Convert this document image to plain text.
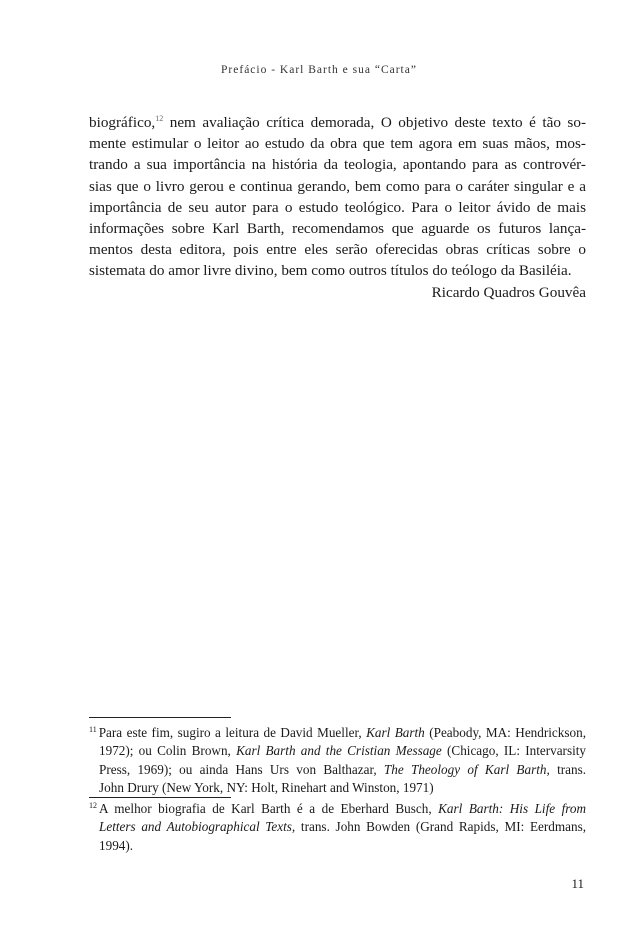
Prefácio - Karl Barth e sua “Carta”
biográfico,$^{12}$ nem avaliação crítica demorada, O objetivo deste texto é tão so-
mente estimular o leitor ao estudo da obra que tem agora em suas mãos, mos-
trando a sua importância na história da teologia, apontando para as controvér-
sias que o livro gerou e continua gerando, bem como para o caráter singular e a
importância de seu autor para o estudo teológico. Para o leitor ávido de mais
informações sobre Karl Barth, recomendamos que aguarde os futuros lança-
mentos desta editora, pois entre eles serão oferecidas obras críticas sobre o
sistemata do amor livre divino, bem como outros títulos do teólogo da Basiléia.
Ricardo Quadros Gouvêa
$^{11}$ Para este fim, sugiro a leitura de David Mueller, Karl Barth (Peabody, MA: Hendrickson,
1972); ou Colin Brown, Karl Barth and the Cristian Message (Chicago, IL: Intervarsity
Press, 1969); ou ainda Hans Urs von Balthazar, The Theology of Karl Barth, trans.
John Drury (New York, NY: Holt, Rinehart and Winston, 1971)
$^{12}$ A melhor biografia de Karl Barth é a de Eberhard Busch, Karl Barth: His Life from
Letters and Autobiographical Texts, trans. John Bowden (Grand Rapids, MI: Eerdmans,
1994).
11
